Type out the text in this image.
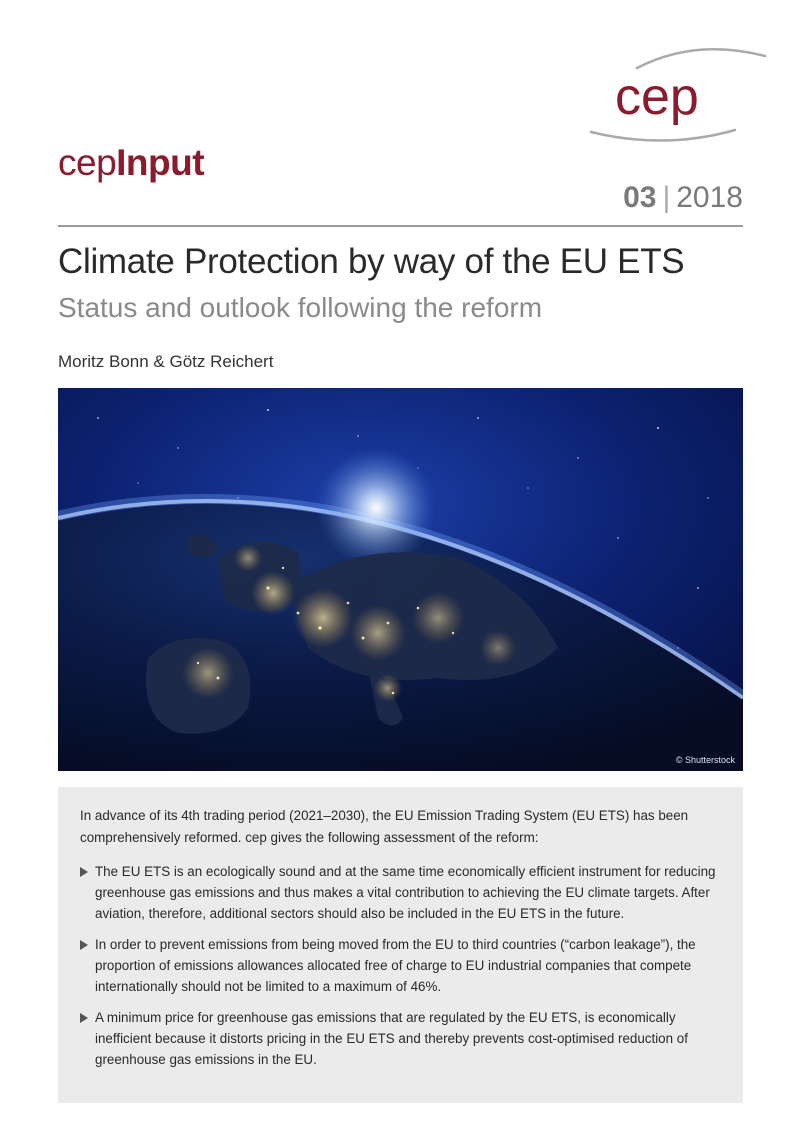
cep
cepInput
03 | 2018
Climate Protection by way of the EU ETS
Status and outlook following the reform
Moritz Bonn & Götz Reichert
© Shutterstock

In advance of its 4th trading period (2021–2030), the EU Emission Trading System (EU ETS) has been comprehensively reformed. cep gives the following assessment of the reform:

The EU ETS is an ecologically sound and at the same time economically efficient instrument for reducing greenhouse gas emissions and thus makes a vital contribution to achieving the EU climate targets. After aviation, therefore, additional sectors should also be included in the EU ETS in the future.
In order to prevent emissions from being moved from the EU to third countries (“carbon leakage”), the proportion of emissions allowances allocated free of charge to EU industrial companies that compete internationally should not be limited to a maximum of 46%.
A minimum price for greenhouse gas emissions that are regulated by the EU ETS, is economically inefficient because it distorts pricing in the EU ETS and thereby prevents cost-optimised reduction of greenhouse gas emissions in the EU.
